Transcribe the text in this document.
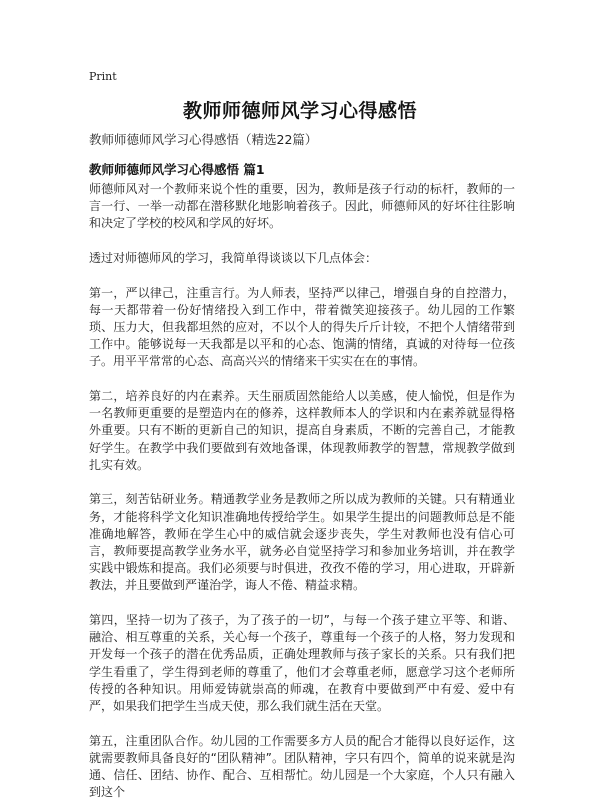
Print
教师师德师风学习心得感悟
教师师德师风学习心得感悟（精选22篇）
教师师德师风学习心得感悟 篇1

师德师风对一个教师来说个性的重要，因为，教师是孩子行动的标杆，教师的一言一行、一举一动都在潜移默化地影响着孩子。因此，师德师风的好坏往往影响和决定了学校的校风和学风的好坏。

透过对师德师风的学习，我简单得谈谈以下几点体会：

第一，严以律己，注重言行。为人师表，坚持严以律己，增强自身的自控潜力，每一天都带着一份好情绪投入到工作中，带着微笑迎接孩子。幼儿园的工作繁琐、压力大，但我都坦然的应对，不以个人的得失斤斤计较，不把个人情绪带到工作中。能够说每一天我都是以平和的心态、饱满的情绪，真诚的对待每一位孩子。用平平常常的心态、高高兴兴的情绪来干实实在在的事情。

第二，培养良好的内在素养。天生丽质固然能给人以美感，使人愉悦，但是作为一名教师更重要的是塑造内在的修养，这样教师本人的学识和内在素养就显得格外重要。只有不断的更新自己的知识，提高自身素质，不断的完善自己，才能教好学生。在教学中我们要做到有效地备课，体现教师教学的智慧，常规教学做到扎实有效。

第三，刻苦钻研业务。精通教学业务是教师之所以成为教师的关键。只有精通业务，才能将科学文化知识准确地传授给学生。如果学生提出的问题教师总是不能准确地解答，教师在学生心中的威信就会逐步丧失，学生对教师也没有信心可言，教师要提高教学业务水平，就务必自觉坚持学习和参加业务培训，并在教学实践中锻炼和提高。我们必须要与时俱进，孜孜不倦的学习，用心进取，开辟新教法，并且要做到严谨治学，诲人不倦、精益求精。

第四，坚持一切为了孩子，为了孩子的一切”，与每一个孩子建立平等、和谐、融洽、相互尊重的关系，关心每一个孩子，尊重每一个孩子的人格，努力发现和开发每一个孩子的潜在优秀品质，正确处理教师与孩子家长的关系。只有我们把学生看重了，学生得到老师的尊重了，他们才会尊重老师，愿意学习这个老师所传授的各种知识。用师爱铸就崇高的师魂，在教育中要做到严中有爱、爱中有严，如果我们把学生当成天使，那么我们就生活在天堂。

第五，注重团队合作。幼儿园的工作需要多方人员的配合才能得以良好运作，这就需要教师具备良好的“团队精神”。团队精神，字只有四个，简单的说来就是沟通、信任、团结、协作、配合、互相帮忙。幼儿园是一个大家庭，个人只有融入到这个
